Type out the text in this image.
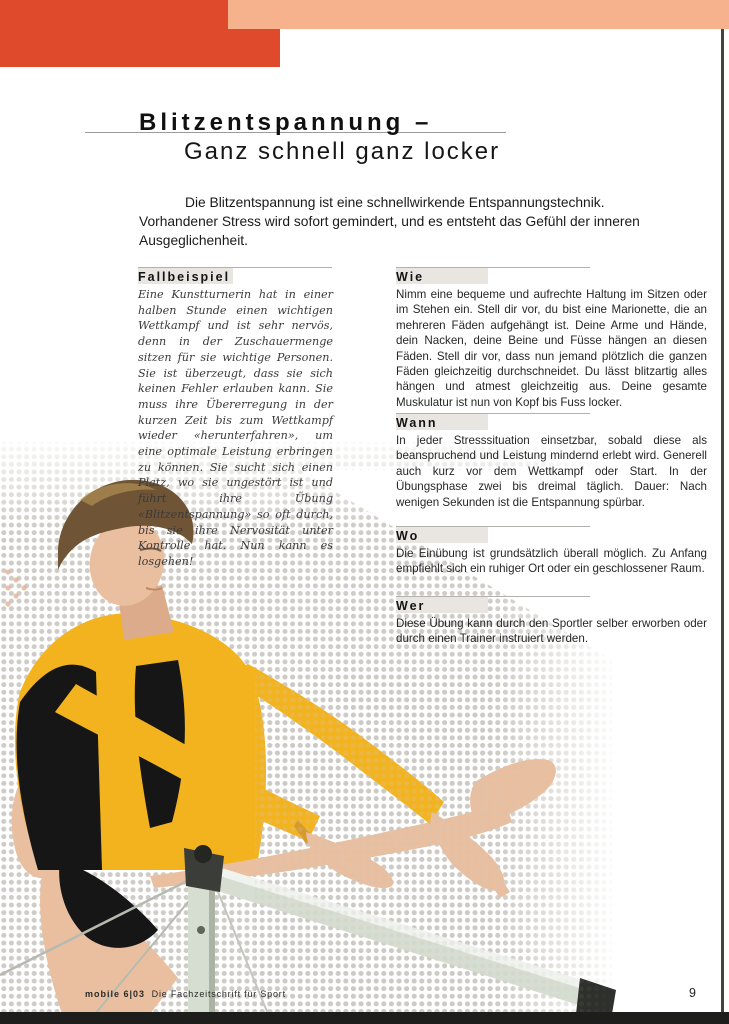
Blitzentspannung –
Ganz schnell ganz locker

Die Blitzentspannung ist eine schnellwirkende Entspannungstechnik. Vorhandener Stress wird sofort gemindert, und es entsteht das Gefühl der inneren Ausgeglichenheit.

Fallbeispiel
Eine Kunstturnerin hat in einer halben Stunde einen wichtigen Wettkampf und ist sehr nervös, denn in der Zuschauermenge sitzen für sie wichtige Personen. Sie ist überzeugt, dass sie sich keinen Fehler erlauben kann. Sie muss ihre Übererregung in der kurzen Zeit bis zum Wettkampf wieder «herunterfahren», um eine optimale Leistung erbringen zu können. Sie sucht sich einen Platz, wo sie ungestört ist und führt ihre Übung «Blitzentspannung» so oft durch, bis sie ihre Nervosität unter Kontrolle hat. Nun kann es losgehen!
Wie
Nimm eine bequeme und aufrechte Haltung im Sitzen oder im Stehen ein. Stell dir vor, du bist eine Marionette, die an mehreren Fäden aufgehängt ist. Deine Arme und Hände, dein Nacken, deine Beine und Füsse hängen an diesen Fäden. Stell dir vor, dass nun jemand plötzlich die ganzen Fäden gleichzeitig durchschneidet. Du lässt blitzartig alles hängen und atmest gleichzeitig aus. Deine gesamte Muskulatur ist nun von Kopf bis Fuss locker.
Wann
In jeder Stresssituation einsetzbar, sobald diese als beanspruchend und Leistung mindernd erlebt wird. Generell auch kurz vor dem Wettkampf oder Start. In der Übungsphase zwei bis dreimal täglich. Dauer: Nach wenigen Sekunden ist die Entspannung spürbar.
Wo
Die Einübung ist grundsätzlich überall möglich. Zu Anfang empfiehlt sich ein ruhiger Ort oder ein geschlossener Raum.
Wer
Diese Übung kann durch den Sportler selber erworben oder durch einen Trainer instruiert werden.
mobile 6|03 Die Fachzeitschrift für Sport	9
